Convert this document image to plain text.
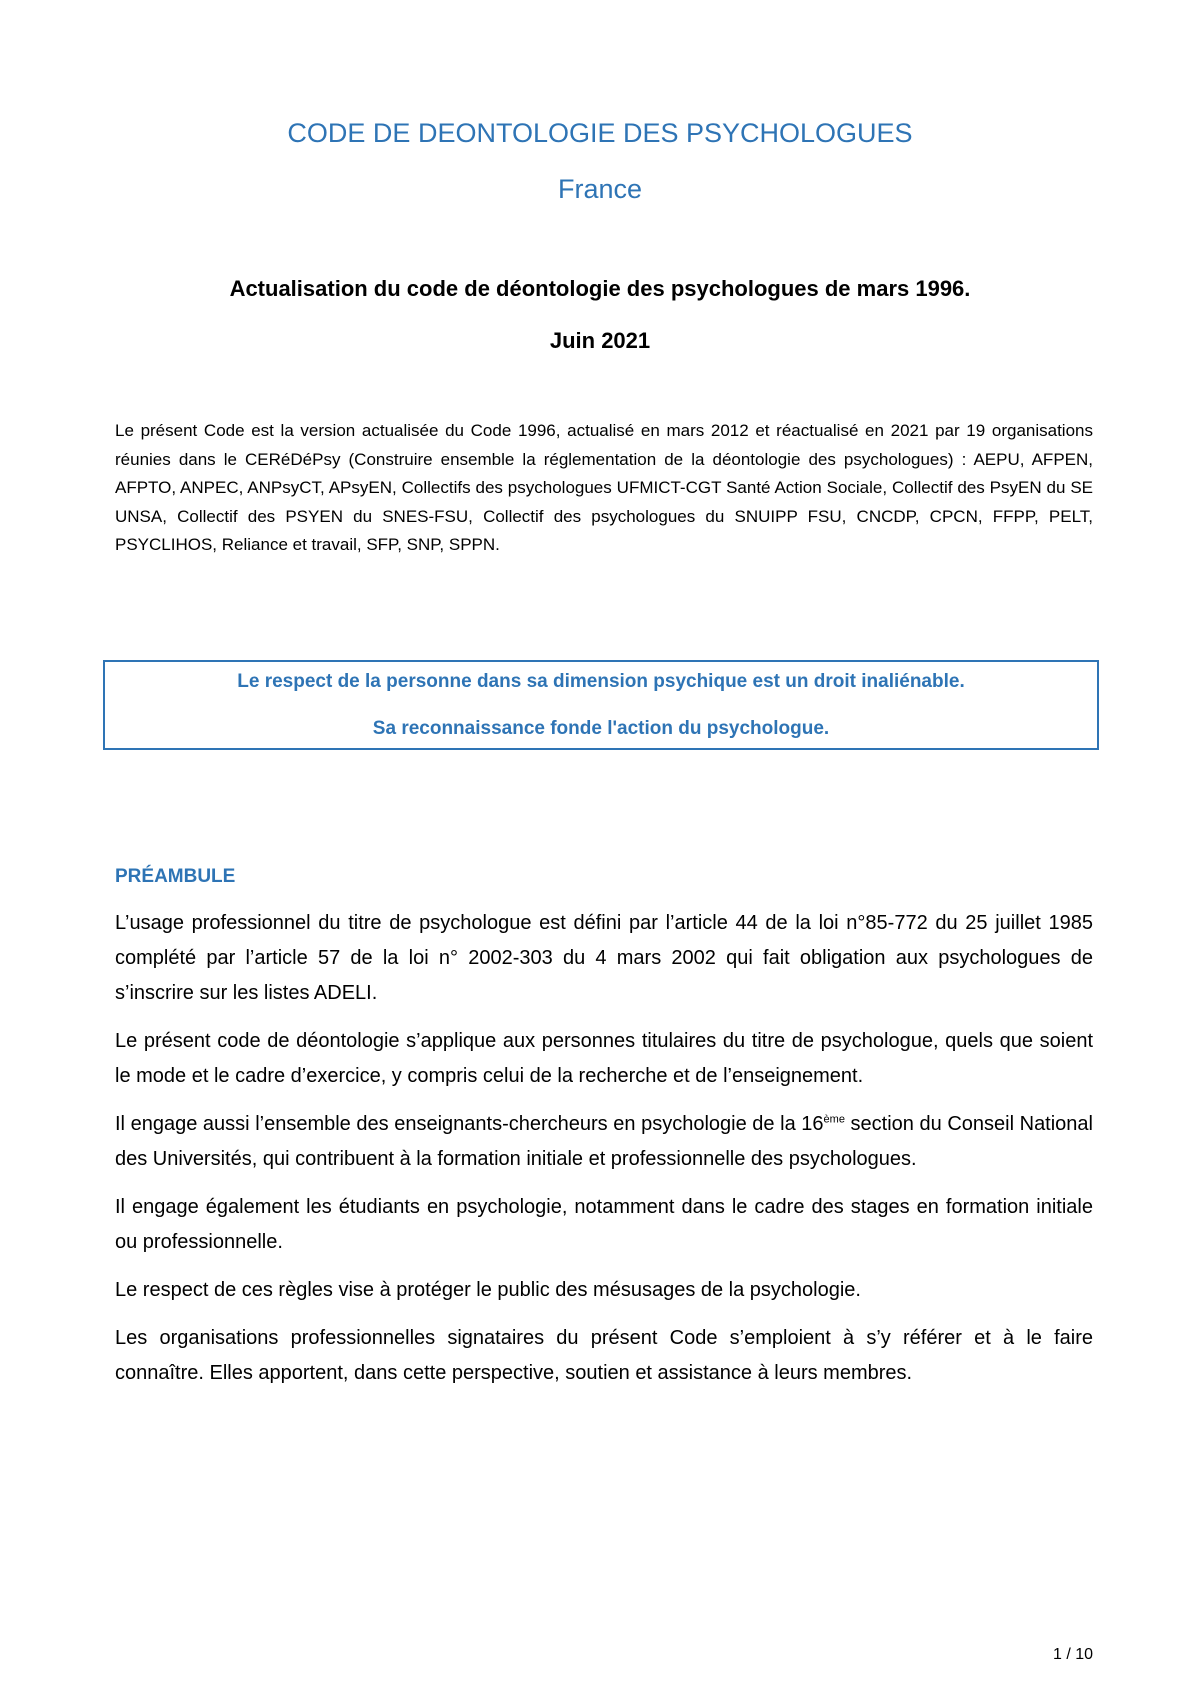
CODE DE DEONTOLOGIE DES PSYCHOLOGUES
France
Actualisation du code de déontologie des psychologues de mars 1996.
Juin 2021
Le présent Code est la version actualisée du Code 1996, actualisé en mars 2012 et réactualisé en 2021 par 19 organisations réunies dans le CERéDéPsy (Construire ensemble la réglementation de la déontologie des psychologues) : AEPU, AFPEN, AFPTO, ANPEC, ANPsyCT, APsyEN, Collectifs des psychologues UFMICT-CGT Santé Action Sociale, Collectif des PsyEN du SE UNSA, Collectif des PSYEN du SNES-FSU, Collectif des psychologues du SNUIPP FSU, CNCDP, CPCN, FFPP, PELT, PSYCLIHOS, Reliance et travail, SFP, SNP, SPPN.
Le respect de la personne dans sa dimension psychique est un droit inaliénable.
Sa reconnaissance fonde l'action du psychologue.
PRÉAMBULE

L’usage professionnel du titre de psychologue est défini par l’article 44 de la loi n°85-772 du 25 juillet 1985 complété par l’article 57 de la loi n° 2002-303 du 4 mars 2002 qui fait obligation aux psychologues de s’inscrire sur les listes ADELI.

Le présent code de déontologie s’applique aux personnes titulaires du titre de psychologue, quels que soient le mode et le cadre d’exercice, y compris celui de la recherche et de l’enseignement.

Il engage aussi l’ensemble des enseignants-chercheurs en psychologie de la 16ème section du Conseil National des Universités, qui contribuent à la formation initiale et professionnelle des psychologues.

Il engage également les étudiants en psychologie, notamment dans le cadre des stages en formation initiale ou professionnelle.

Le respect de ces règles vise à protéger le public des mésusages de la psychologie.

Les organisations professionnelles signataires du présent Code s’emploient à s’y référer et à le faire connaître. Elles apportent, dans cette perspective, soutien et assistance à leurs membres.

1 / 10
